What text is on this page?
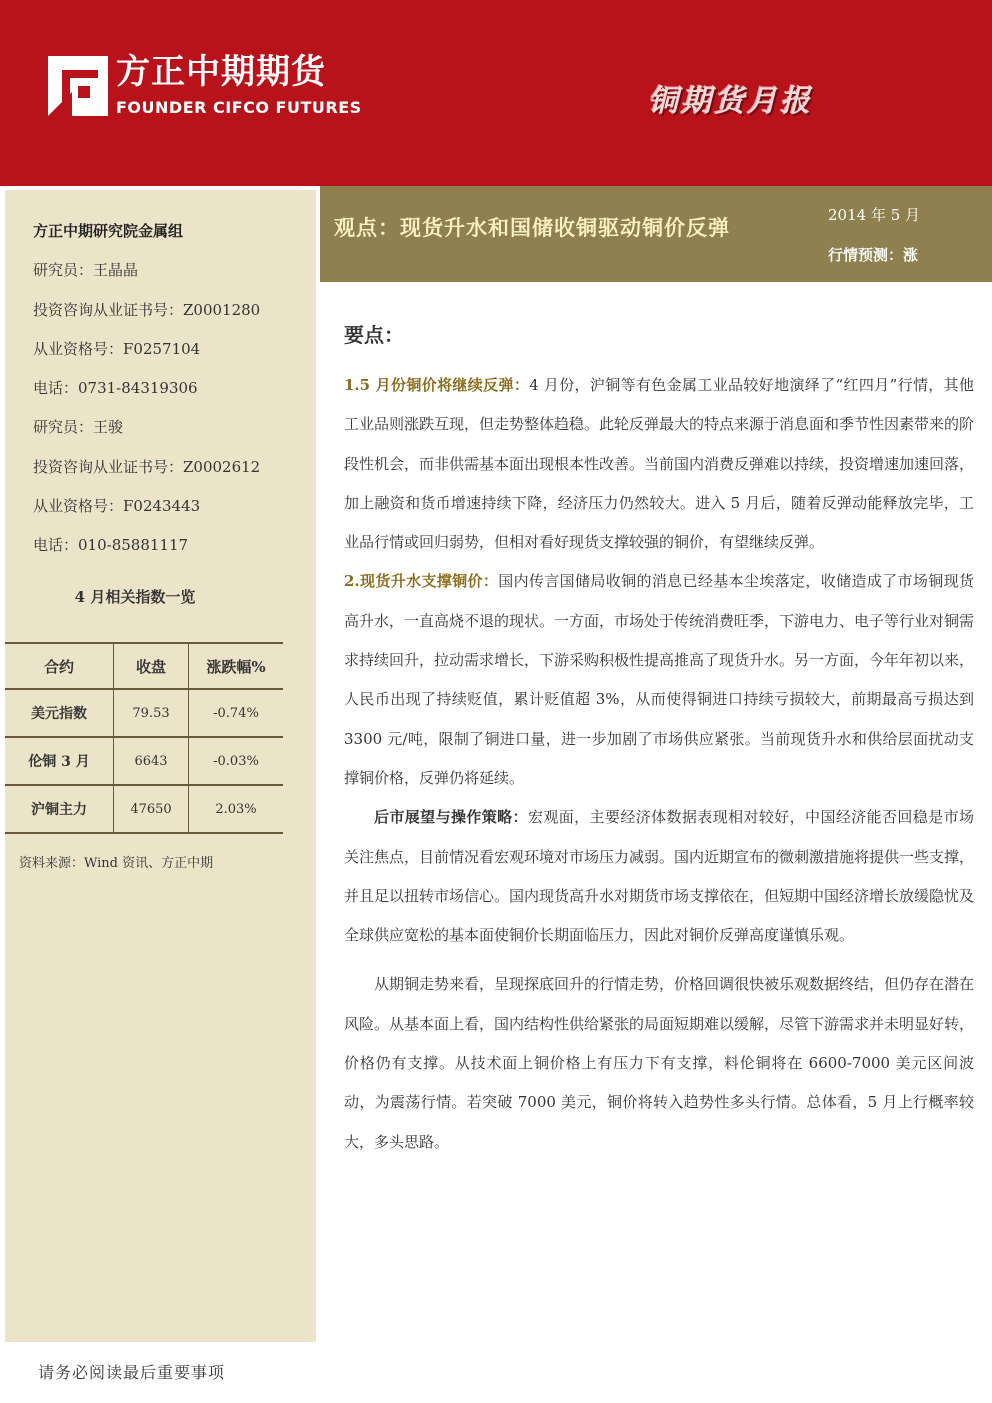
方正中期期货
FOUNDER CIFCO FUTURES	铜期货月报
方正中期研究院金属组
研究员：王晶晶
投资咨询从业证书号：Z0001280
从业资格号：F0257104
电话：0731-84319306
研究员：王骏
投资咨询从业证书号：Z0002612
从业资格号：F0243443
电话：010-85881117
4 月相关指数一览
合约	收盘	涨跌幅%
美元指数	79.53	-0.74%
伦铜 3 月	6643	-0.03%
沪铜主力	47650	2.03%
资料来源：Wind 资讯、方正中期
观点：现货升水和国储收铜驱动铜价反弹	2014 年 5 月
行情预测：涨
要点：

1.5 月份铜价将继续反弹：4 月份，沪铜等有色金属工业品较好地演绎了“红四月”行情，其他工业品则涨跌互现，但走势整体趋稳。此轮反弹最大的特点来源于消息面和季节性因素带来的阶段性机会，而非供需基本面出现根本性改善。当前国内消费反弹难以持续，投资增速加速回落，加上融资和货币增速持续下降，经济压力仍然较大。进入 5 月后，随着反弹动能释放完毕，工业品行情或回归弱势，但相对看好现货支撑较强的铜价，有望继续反弹。

2.现货升水支撑铜价：国内传言国储局收铜的消息已经基本尘埃落定，收储造成了市场铜现货高升水，一直高烧不退的现状。一方面，市场处于传统消费旺季，下游电力、电子等行业对铜需求持续回升，拉动需求增长，下游采购积极性提高推高了现货升水。另一方面，今年年初以来，人民币出现了持续贬值，累计贬值超 3%，从而使得铜进口持续亏损较大，前期最高亏损达到 3300 元/吨，限制了铜进口量，进一步加剧了市场供应紧张。当前现货升水和供给层面扰动支撑铜价格，反弹仍将延续。

后市展望与操作策略：宏观面，主要经济体数据表现相对较好，中国经济能否回稳是市场关注焦点，目前情况看宏观环境对市场压力减弱。国内近期宣布的微刺激措施将提供一些支撑，并且足以扭转市场信心。国内现货高升水对期货市场支撑依在，但短期中国经济增长放缓隐忧及全球供应宽松的基本面使铜价长期面临压力，因此对铜价反弹高度谨慎乐观。

从期铜走势来看，呈现探底回升的行情走势，价格回调很快被乐观数据终结，但仍存在潜在风险。从基本面上看，国内结构性供给紧张的局面短期难以缓解，尽管下游需求并未明显好转，价格仍有支撑。从技术面上铜价格上有压力下有支撑，料伦铜将在 6600-7000 美元区间波动，为震荡行情。若突破 7000 美元，铜价将转入趋势性多头行情。总体看，5 月上行概率较大，多头思路。

请务必阅读最后重要事项
